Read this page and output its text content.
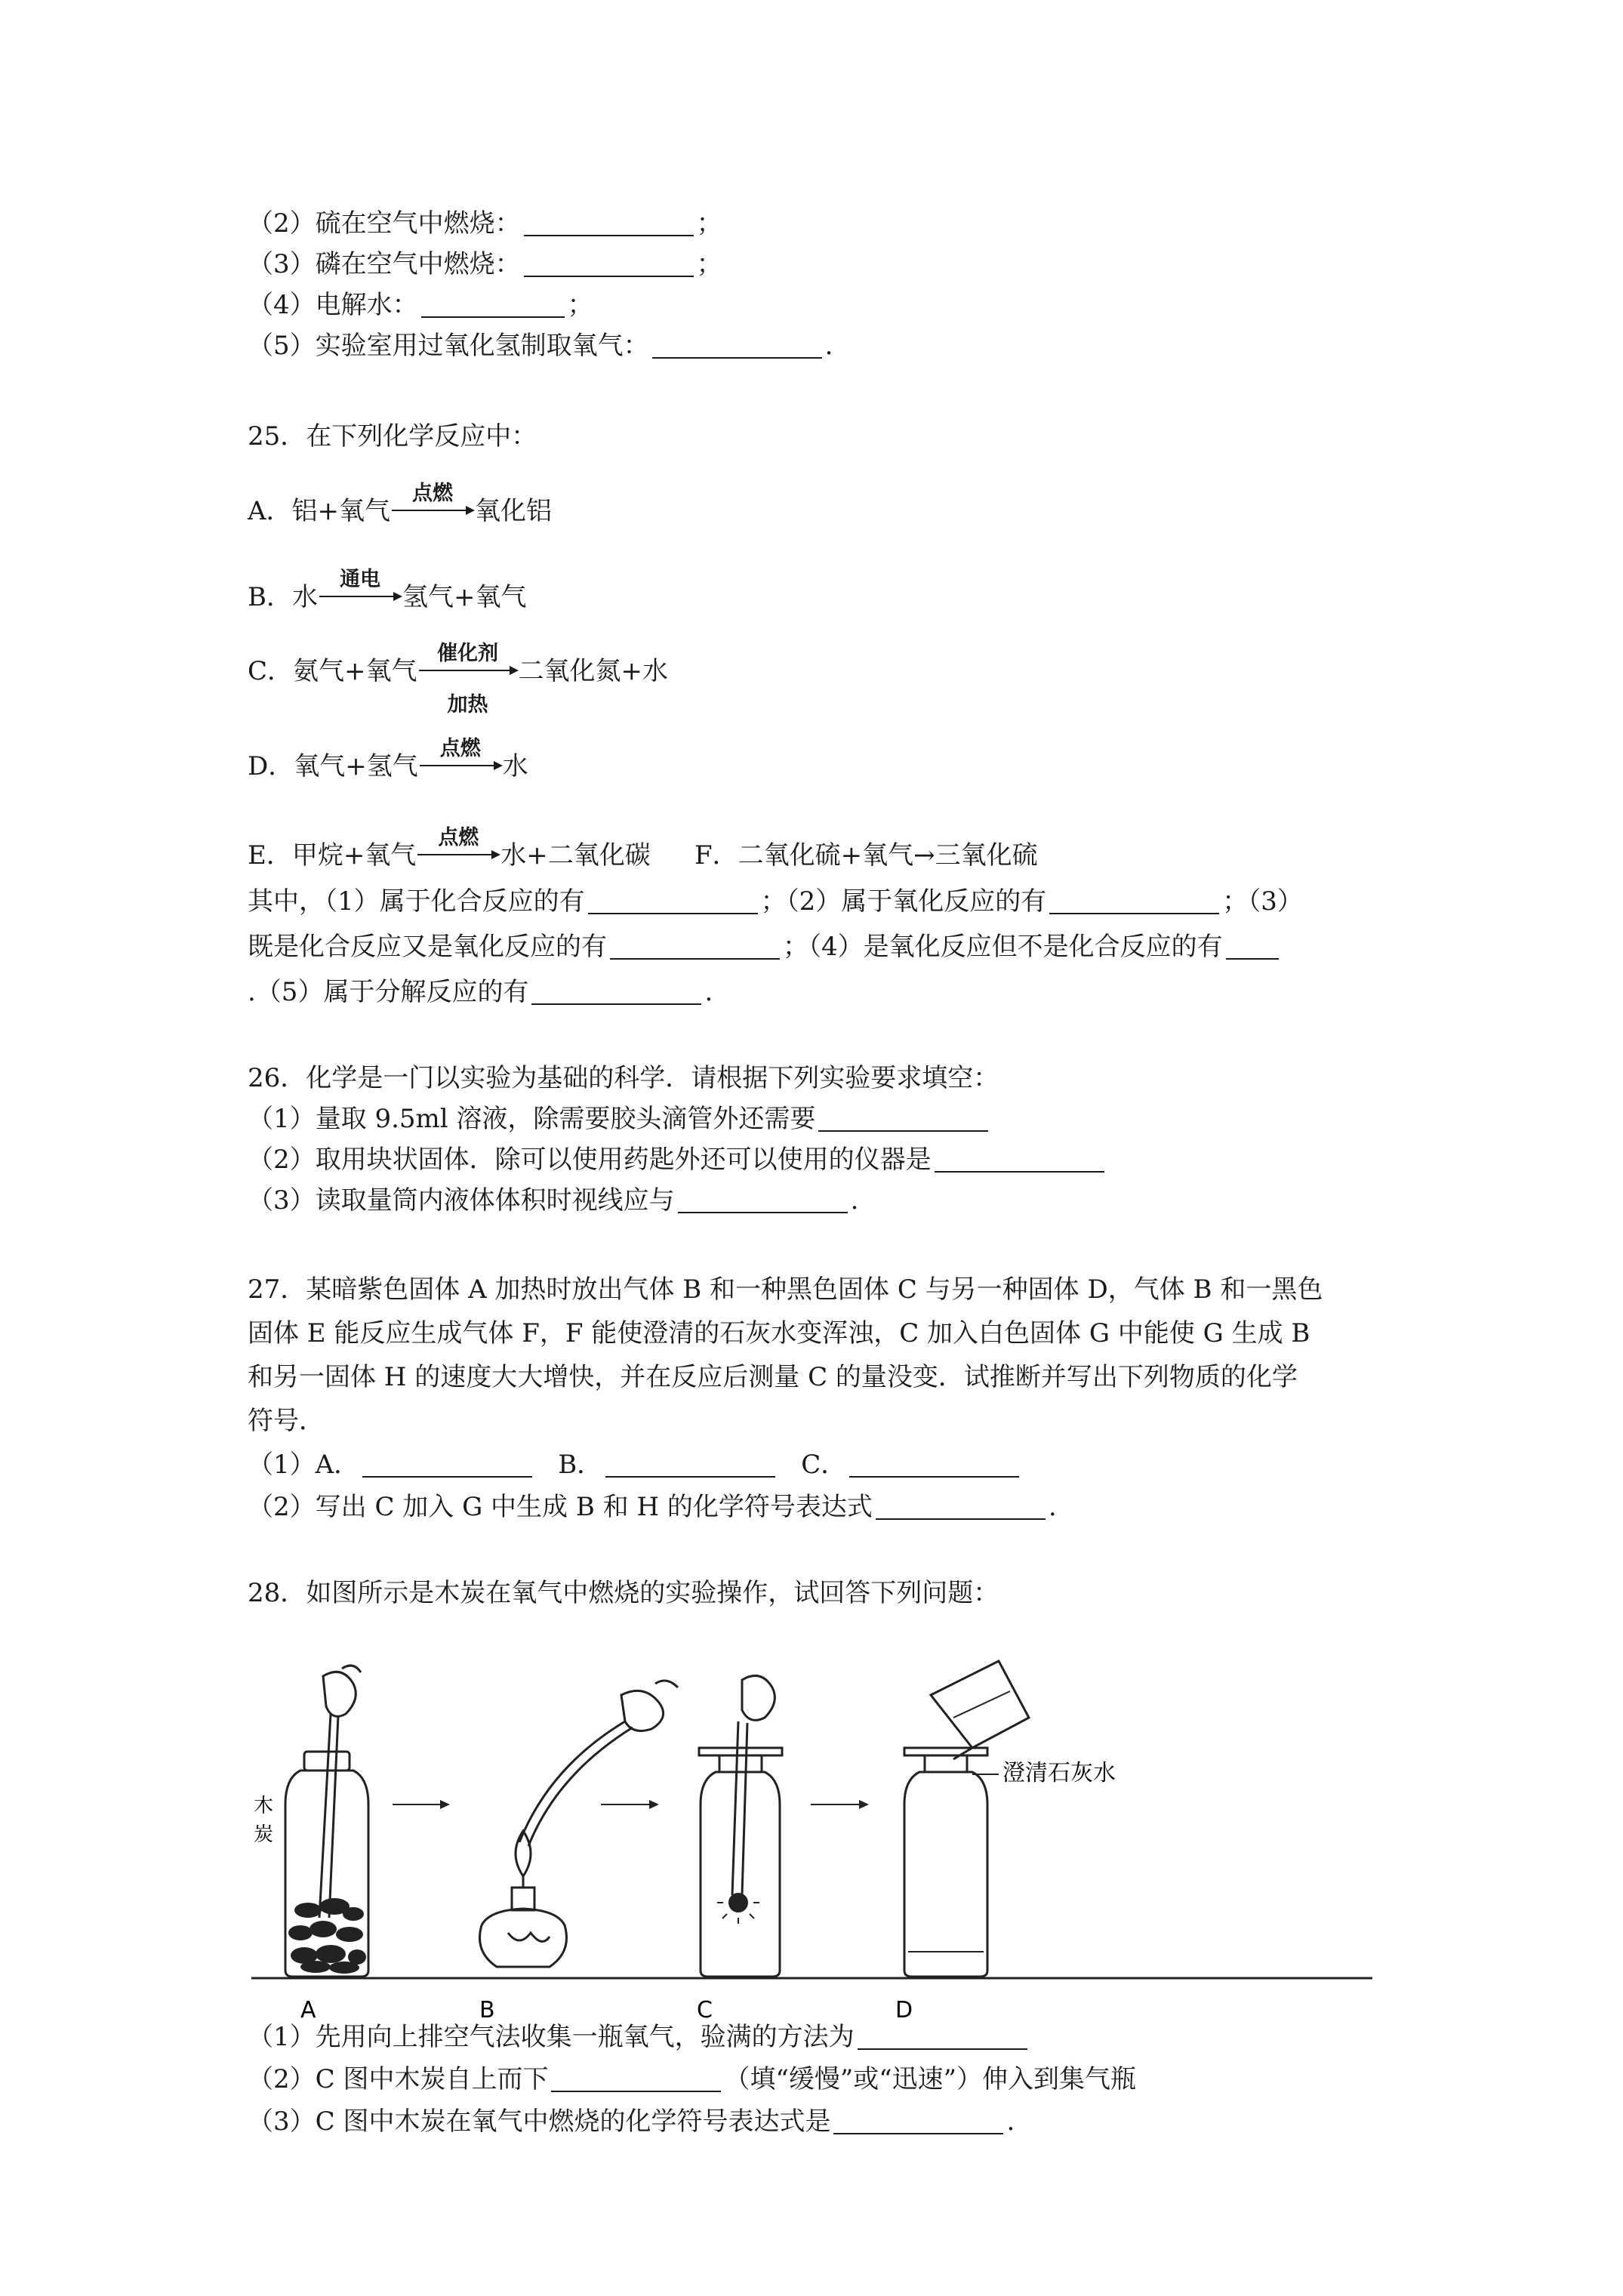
（2）硫在空气中燃烧：	；
（3）磷在空气中燃烧：	；
（4）电解水：	；
（5）实验室用过氧化氢制取氧气：	.
25．在下列化学反应中：
A．铝+氧气
点燃
氧化铝
B．水
通电
氢气+氧气
C．氨气+氧气
催化剂
加热
二氧化氮+水
D．氧气+氢气
点燃
水
E．甲烷+氧气
点燃
水+二氧化碳 F．二氧化硫+氧气→三氧化硫
其中，（1）属于化合反应的有	；（2）属于氧化反应的有	；（3）
既是化合反应又是氧化反应的有	；（4）是氧化反应但不是化合反应的有
.（5）属于分解反应的有	.
26．化学是一门以实验为基础的科学．请根据下列实验要求填空：
（1）量取 9.5ml 溶液，除需要胶头滴管外还需要
（2）取用块状固体．除可以使用药匙外还可以使用的仪器是
（3）读取量筒内液体体积时视线应与	.
27．某暗紫色固体 A 加热时放出气体 B 和一种黑色固体 C 与另一种固体 D，气体 B 和一黑色
固体 E 能反应生成气体 F，F 能使澄清的石灰水变浑浊，C 加入白色固体 G 中能使 G 生成 B
和另一固体 H 的速度大大增快，并在反应后测量 C 的量没变．试推断并写出下列物质的化学
符号．
（1）A．	B．	C．
（2）写出 C 加入 G 中生成 B 和 H 的化学符号表达式	.
28．如图所示是木炭在氧气中燃烧的实验操作，试回答下列问题：
木
炭
澄清石灰水
A	B	C	D
（1）先用向上排空气法收集一瓶氧气，验满的方法为
（2）C 图中木炭自上而下	（填“缓慢”或“迅速”）伸入到集气瓶
（3）C 图中木炭在氧气中燃烧的化学符号表达式是	.
